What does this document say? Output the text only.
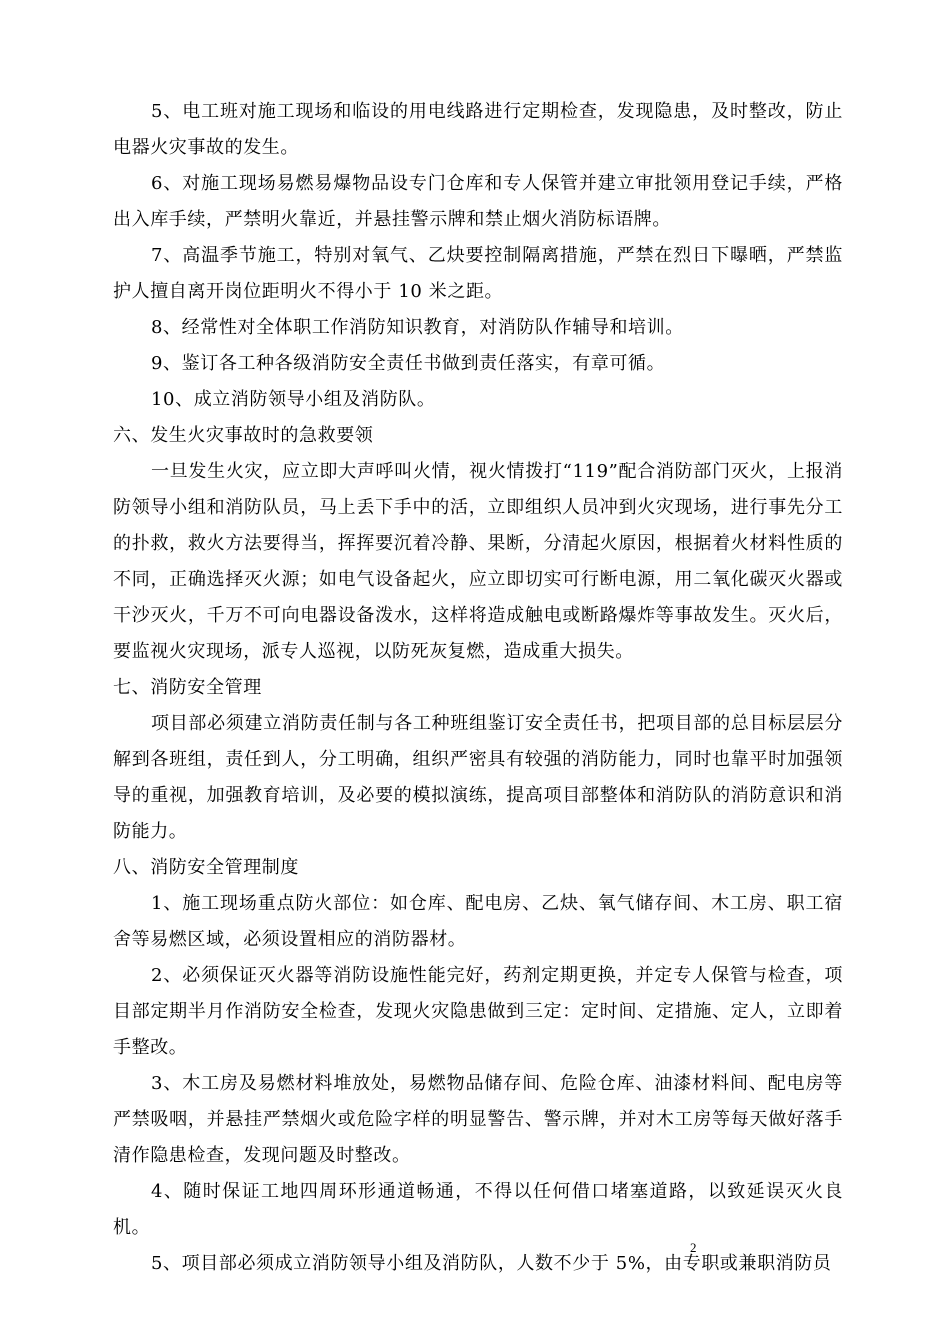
5、电工班对施工现场和临设的用电线路进行定期检查，发现隐患，及时整改，防止电器火灾事故的发生。

6、对施工现场易燃易爆物品设专门仓库和专人保管并建立审批领用登记手续，严格出入库手续，严禁明火靠近，并悬挂警示牌和禁止烟火消防标语牌。

7、高温季节施工，特别对氧气、乙炔要控制隔离措施，严禁在烈日下曝晒，严禁监护人擅自离开岗位距明火不得小于 10 米之距。

8、经常性对全体职工作消防知识教育，对消防队作辅导和培训。

9、鉴订各工种各级消防安全责任书做到责任落实，有章可循。

10、成立消防领导小组及消防队。

六、发生火灾事故时的急救要领

一旦发生火灾，应立即大声呼叫火情，视火情拨打“119”配合消防部门灭火，上报消防领导小组和消防队员，马上丢下手中的活，立即组织人员冲到火灾现场，进行事先分工的扑救，救火方法要得当，挥挥要沉着冷静、果断，分清起火原因，根据着火材料性质的不同，正确选择灭火源；如电气设备起火，应立即切实可行断电源，用二氧化碳灭火器或干沙灭火，千万不可向电器设备泼水，这样将造成触电或断路爆炸等事故发生。灭火后，要监视火灾现场，派专人巡视，以防死灰复燃，造成重大损失。

七、消防安全管理

项目部必须建立消防责任制与各工种班组鉴订安全责任书，把项目部的总目标层层分解到各班组，责任到人，分工明确，组织严密具有较强的消防能力，同时也靠平时加强领导的重视，加强教育培训，及必要的模拟演练，提高项目部整体和消防队的消防意识和消防能力。

八、消防安全管理制度

1、施工现场重点防火部位：如仓库、配电房、乙炔、氧气储存间、木工房、职工宿舍等易燃区域，必须设置相应的消防器材。

2、必须保证灭火器等消防设施性能完好，药剂定期更换，并定专人保管与检查，项目部定期半月作消防安全检查，发现火灾隐患做到三定：定时间、定措施、定人，立即着手整改。

3、木工房及易燃材料堆放处，易燃物品储存间、危险仓库、油漆材料间、配电房等严禁吸咽，并悬挂严禁烟火或危险字样的明显警告、警示牌，并对木工房等每天做好落手清作隐患检查，发现问题及时整改。

4、随时保证工地四周环形通道畅通，不得以任何借口堵塞道路，以致延误灭火良机。

5、项目部必须成立消防领导小组及消防队，人数不少于 5%，由专职或兼职消防员

2
